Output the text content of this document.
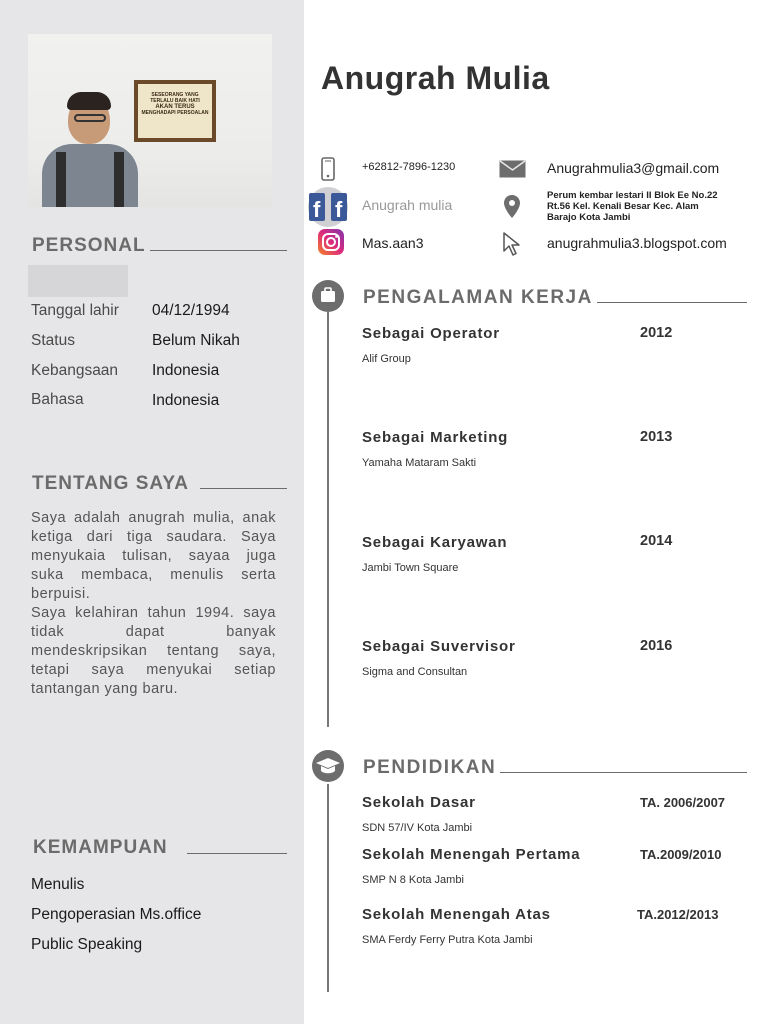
SESEORANG YANG
TERLALU BAIK HATI
AKAN TERUS
MENGHADAPI PERSOALAN
PERSONAL
Tanggal lahir 04/12/1994
Status	Belum Nikah
Kebangsaan Indonesia
Bahasa	Indonesia
TENTANG SAYA

Saya adalah anugrah mulia, anak ketiga dari tiga saudara. Saya menyukaia tulisan, sayaa juga suka membaca, menulis serta berpuisi.

Saya kelahiran tahun 1994. saya tidak dapat banyak mendeskripsikan tentang saya, tetapi saya menyukai setiap tantangan yang baru.

KEMAMPUAN
Menulis
Pengoperasian Ms.office
Public Speaking
Anugrah Mulia
+62812-7896-1230
f f Anugrah mulia
Mas.aan3
Anugrahmulia3@gmail.com
Perum kembar lestari II Blok Ee No.22
Rt.56 Kel. Kenali Besar Kec. Alam
Barajo Kota Jambi
anugrahmulia3.blogspot.com
PENGALAMAN KERJA
Sebagai Operator	2012
Alif Group
Sebagai Marketing	2013
Yamaha Mataram Sakti
Sebagai Karyawan	2014
Jambi Town Square
Sebagai Suvervisor	2016
Sigma and Consultan
PENDIDIKAN
Sekolah Dasar	TA. 2006/2007
SDN 57/IV Kota Jambi
Sekolah Menengah Pertama	TA.2009/2010
SMP N 8 Kota Jambi
Sekolah Menengah Atas	TA.2012/2013
SMA Ferdy Ferry Putra Kota Jambi
